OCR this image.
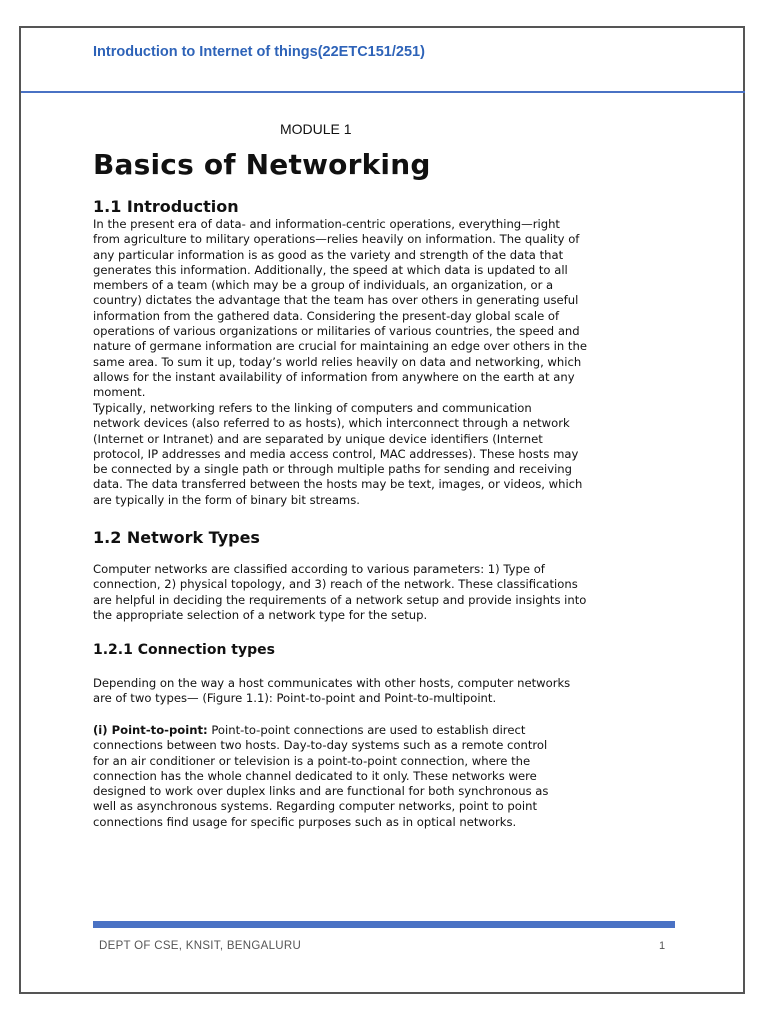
Introduction to Internet of things(22ETC151/251)
MODULE 1
Basics of Networking
1.1 Introduction
In the present era of data- and information-centric operations, everything—right
from agriculture to military operations—relies heavily on information. The quality of
any particular information is as good as the variety and strength of the data that
generates this information. Additionally, the speed at which data is updated to all
members of a team (which may be a group of individuals, an organization, or a
country) dictates the advantage that the team has over others in generating useful
information from the gathered data. Considering the present-day global scale of
operations of various organizations or militaries of various countries, the speed and
nature of germane information are crucial for maintaining an edge over others in the
same area. To sum it up, today’s world relies heavily on data and networking, which
allows for the instant availability of information from anywhere on the earth at any
moment.
Typically, networking refers to the linking of computers and communication
network devices (also referred to as hosts), which interconnect through a network
(Internet or Intranet) and are separated by unique device identifiers (Internet
protocol, IP addresses and media access control, MAC addresses). These hosts may
be connected by a single path or through multiple paths for sending and receiving
data. The data transferred between the hosts may be text, images, or videos, which
are typically in the form of binary bit streams.
1.2 Network Types
Computer networks are classified according to various parameters: 1) Type of
connection, 2) physical topology, and 3) reach of the network. These classifications
are helpful in deciding the requirements of a network setup and provide insights into
the appropriate selection of a network type for the setup.
1.2.1 Connection types
Depending on the way a host communicates with other hosts, computer networks
are of two types— (Figure 1.1): Point-to-point and Point-to-multipoint.
(i) Point-to-point: Point-to-point connections are used to establish direct
connections between two hosts. Day-to-day systems such as a remote control
for an air conditioner or television is a point-to-point connection, where the
connection has the whole channel dedicated to it only. These networks were
designed to work over duplex links and are functional for both synchronous as
well as asynchronous systems. Regarding computer networks, point to point
connections find usage for specific purposes such as in optical networks.
DEPT OF CSE, KNSIT, BENGALURU	1
